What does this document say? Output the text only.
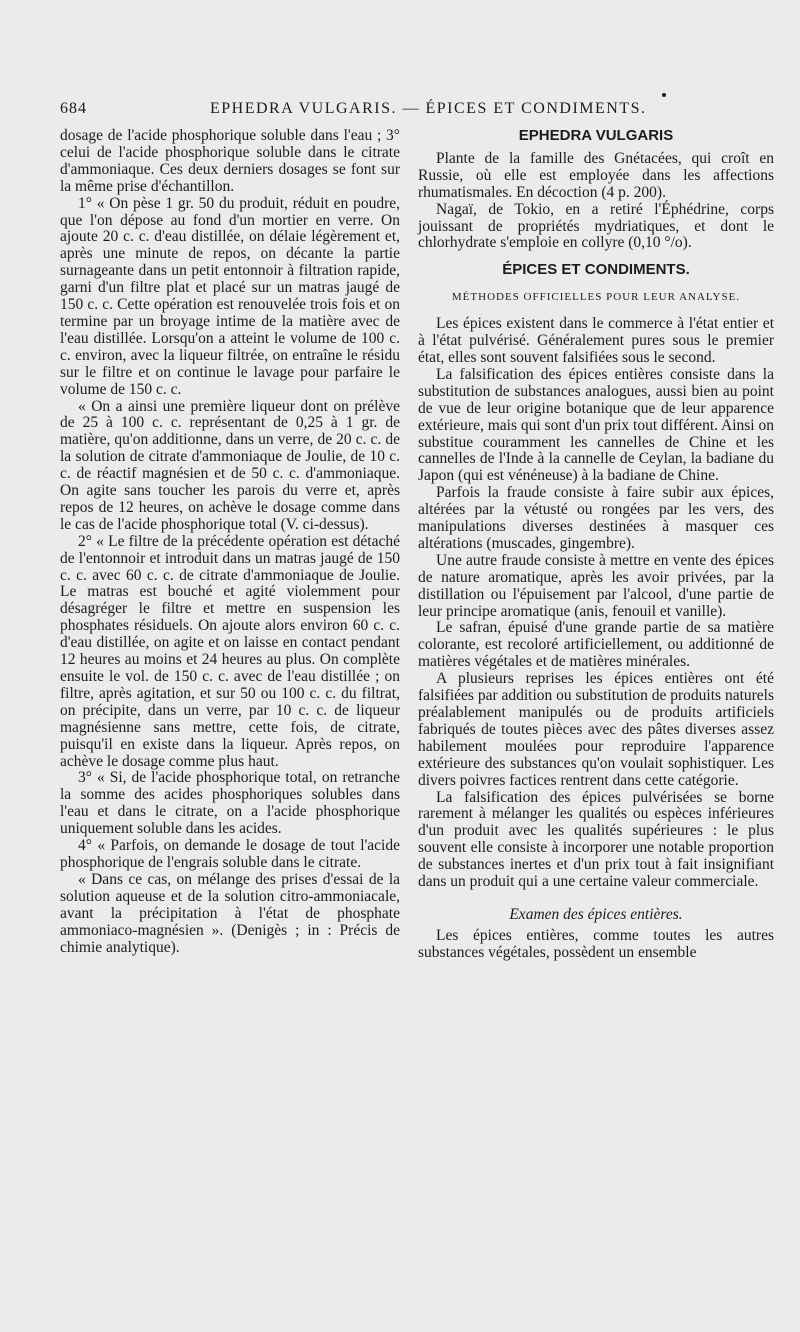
684	EPHEDRA VULGARIS. — ÉPICES ET CONDIMENTS.

dosage de l'acide phosphorique soluble dans l'eau ; 3° celui de l'acide phosphorique soluble dans le citrate d'ammoniaque. Ces deux derniers dosages se font sur la même prise d'échantillon.

1° « On pèse 1 gr. 50 du produit, réduit en poudre, que l'on dépose au fond d'un mortier en verre. On ajoute 20 c. c. d'eau distillée, on délaie légèrement et, après une minute de repos, on décante la partie surnageante dans un petit entonnoir à filtration rapide, garni d'un filtre plat et placé sur un matras jaugé de 150 c. c. Cette opération est renouvelée trois fois et on termine par un broyage intime de la matière avec de l'eau distillée. Lorsqu'on a atteint le volume de 100 c. c. environ, avec la liqueur filtrée, on entraîne le résidu sur le filtre et on continue le lavage pour parfaire le volume de 150 c. c.

« On a ainsi une première liqueur dont on prélève de 25 à 100 c. c. représentant de 0,25 à 1 gr. de matière, qu'on additionne, dans un verre, de 20 c. c. de la solution de citrate d'ammoniaque de Joulie, de 10 c. c. de réactif magnésien et de 50 c. c. d'ammoniaque. On agite sans toucher les parois du verre et, après repos de 12 heures, on achève le dosage comme dans le cas de l'acide phosphorique total (V. ci-dessus).

2° « Le filtre de la précédente opération est détaché de l'entonnoir et introduit dans un matras jaugé de 150 c. c. avec 60 c. c. de citrate d'ammoniaque de Joulie. Le matras est bouché et agité violemment pour désagréger le filtre et mettre en suspension les phosphates résiduels. On ajoute alors environ 60 c. c. d'eau distillée, on agite et on laisse en contact pendant 12 heures au moins et 24 heures au plus. On complète ensuite le vol. de 150 c. c. avec de l'eau distillée ; on filtre, après agitation, et sur 50 ou 100 c. c. du filtrat, on précipite, dans un verre, par 10 c. c. de liqueur magnésienne sans mettre, cette fois, de citrate, puisqu'il en existe dans la liqueur. Après repos, on achève le dosage comme plus haut.

3° « Si, de l'acide phosphorique total, on retranche la somme des acides phosphoriques solubles dans l'eau et dans le citrate, on a l'acide phosphorique uniquement soluble dans les acides.

4° « Parfois, on demande le dosage de tout l'acide phosphorique de l'engrais soluble dans le citrate.

« Dans ce cas, on mélange des prises d'essai de la solution aqueuse et de la solution citro-ammoniacale, avant la précipitation à l'état de phosphate ammoniaco-magnésien ». (Denigès ; in : Précis de chimie analytique).

EPHEDRA VULGARIS

Plante de la famille des Gnétacées, qui croît en Russie, où elle est employée dans les affections rhumatismales. En décoction (4 p. 200).

Nagaï, de Tokio, en a retiré l'Éphédrine, corps jouissant de propriétés mydriatiques, et dont le chlorhydrate s'emploie en collyre (0,10 °/o).

ÉPICES ET CONDIMENTS.

MÉTHODES OFFICIELLES POUR LEUR ANALYSE.

Les épices existent dans le commerce à l'état entier et à l'état pulvérisé. Généralement pures sous le premier état, elles sont souvent falsifiées sous le second.

La falsification des épices entières consiste dans la substitution de substances analogues, aussi bien au point de vue de leur origine botanique que de leur apparence extérieure, mais qui sont d'un prix tout différent. Ainsi on substitue couramment les cannelles de Chine et les cannelles de l'Inde à la cannelle de Ceylan, la badiane du Japon (qui est vénéneuse) à la badiane de Chine.

Parfois la fraude consiste à faire subir aux épices, altérées par la vétusté ou rongées par les vers, des manipulations diverses destinées à masquer ces altérations (muscades, gingembre).

Une autre fraude consiste à mettre en vente des épices de nature aromatique, après les avoir privées, par la distillation ou l'épuisement par l'alcool, d'une partie de leur principe aromatique (anis, fenouil et vanille).

Le safran, épuisé d'une grande partie de sa matière colorante, est recoloré artificiellement, ou additionné de matières végétales et de matières minérales.

A plusieurs reprises les épices entières ont été falsifiées par addition ou substitution de produits naturels préalablement manipulés ou de produits artificiels fabriqués de toutes pièces avec des pâtes diverses assez habilement moulées pour reproduire l'apparence extérieure des substances qu'on voulait sophistiquer. Les divers poivres factices rentrent dans cette catégorie.

La falsification des épices pulvérisées se borne rarement à mélanger les qualités ou espèces inférieures d'un produit avec les qualités supérieures : le plus souvent elle consiste à incorporer une notable proportion de substances inertes et d'un prix tout à fait insignifiant dans un produit qui a une certaine valeur commerciale.

Examen des épices entières.

Les épices entières, comme toutes les autres substances végétales, possèdent un ensemble
